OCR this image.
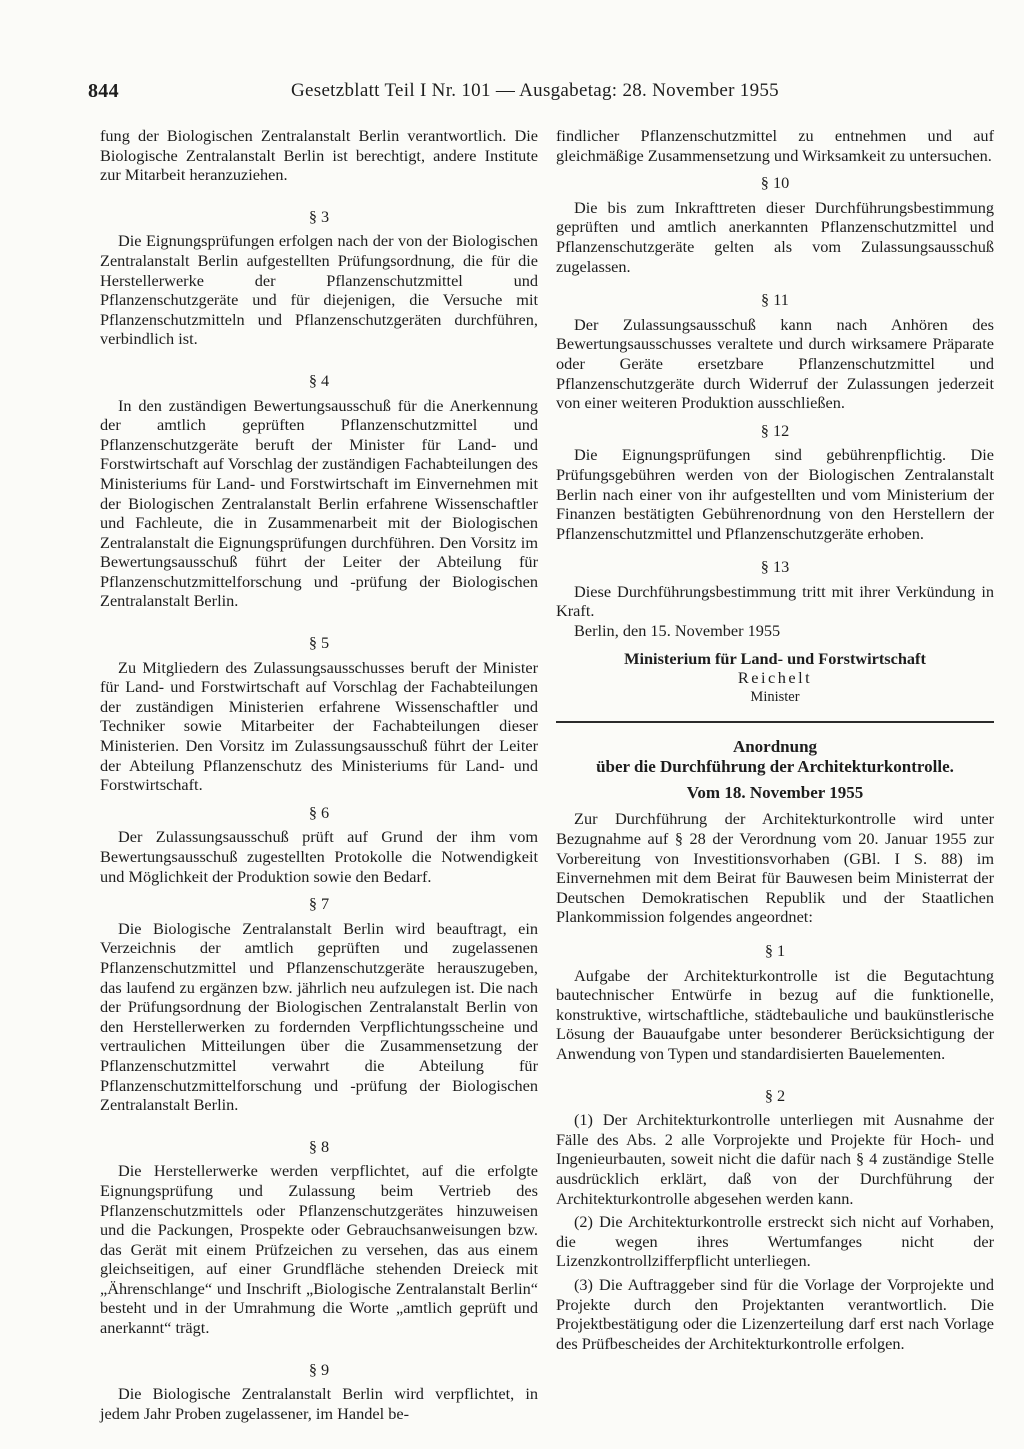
844	Gesetzblatt Teil I Nr. 101 — Ausgabetag: 28. November 1955

fung der Biologischen Zentralanstalt Berlin verantwortlich. Die Biologische Zentralanstalt Berlin ist berechtigt, andere Institute zur Mitarbeit heranzuziehen.

§ 3

Die Eignungsprüfungen erfolgen nach der von der Biologischen Zentralanstalt Berlin aufgestellten Prüfungsordnung, die für die Herstellerwerke der Pflanzenschutzmittel und Pflanzenschutzgeräte und für diejenigen, die Versuche mit Pflanzenschutzmitteln und Pflanzenschutzgeräten durchführen, verbindlich ist.

§ 4

In den zuständigen Bewertungsausschuß für die Anerkennung der amtlich geprüften Pflanzenschutzmittel und Pflanzenschutzgeräte beruft der Minister für Land- und Forstwirtschaft auf Vorschlag der zuständigen Fachabteilungen des Ministeriums für Land- und Forstwirtschaft im Einvernehmen mit der Biologischen Zentralanstalt Berlin erfahrene Wissenschaftler und Fachleute, die in Zusammenarbeit mit der Biologischen Zentralanstalt die Eignungsprüfungen durchführen. Den Vorsitz im Bewertungsausschuß führt der Leiter der Abteilung für Pflanzenschutzmittelforschung und -prüfung der Biologischen Zentralanstalt Berlin.

§ 5

Zu Mitgliedern des Zulassungsausschusses beruft der Minister für Land- und Forstwirtschaft auf Vorschlag der Fachabteilungen der zuständigen Ministerien erfahrene Wissenschaftler und Techniker sowie Mitarbeiter der Fachabteilungen dieser Ministerien. Den Vorsitz im Zulassungsausschuß führt der Leiter der Abteilung Pflanzenschutz des Ministeriums für Land- und Forstwirtschaft.

§ 6

Der Zulassungsausschuß prüft auf Grund der ihm vom Bewertungsausschuß zugestellten Protokolle die Notwendigkeit und Möglichkeit der Produktion sowie den Bedarf.

§ 7

Die Biologische Zentralanstalt Berlin wird beauftragt, ein Verzeichnis der amtlich geprüften und zugelassenen Pflanzenschutzmittel und Pflanzenschutzgeräte herauszugeben, das laufend zu ergänzen bzw. jährlich neu aufzulegen ist. Die nach der Prüfungsordnung der Biologischen Zentralanstalt Berlin von den Herstellerwerken zu fordernden Verpflichtungsscheine und vertraulichen Mitteilungen über die Zusammensetzung der Pflanzenschutzmittel verwahrt die Abteilung für Pflanzenschutzmittelforschung und -prüfung der Biologischen Zentralanstalt Berlin.

§ 8

Die Herstellerwerke werden verpflichtet, auf die erfolgte Eignungsprüfung und Zulassung beim Vertrieb des Pflanzenschutzmittels oder Pflanzenschutzgerätes hinzuweisen und die Packungen, Prospekte oder Gebrauchsanweisungen bzw. das Gerät mit einem Prüfzeichen zu versehen, das aus einem gleichseitigen, auf einer Grundfläche stehenden Dreieck mit „Ährenschlange“ und Inschrift „Biologische Zentralanstalt Berlin“ besteht und in der Umrahmung die Worte „amtlich geprüft und anerkannt“ trägt.

§ 9

Die Biologische Zentralanstalt Berlin wird verpflichtet, in jedem Jahr Proben zugelassener, im Handel be-

findlicher Pflanzenschutzmittel zu entnehmen und auf gleichmäßige Zusammensetzung und Wirksamkeit zu untersuchen.

§ 10

Die bis zum Inkrafttreten dieser Durchführungsbestimmung geprüften und amtlich anerkannten Pflanzenschutzmittel und Pflanzenschutzgeräte gelten als vom Zulassungsausschuß zugelassen.

§ 11

Der Zulassungsausschuß kann nach Anhören des Bewertungsausschusses veraltete und durch wirksamere Präparate oder Geräte ersetzbare Pflanzenschutzmittel und Pflanzenschutzgeräte durch Widerruf der Zulassungen jederzeit von einer weiteren Produktion ausschließen.

§ 12

Die Eignungsprüfungen sind gebührenpflichtig. Die Prüfungsgebühren werden von der Biologischen Zentralanstalt Berlin nach einer von ihr aufgestellten und vom Ministerium der Finanzen bestätigten Gebührenordnung von den Herstellern der Pflanzenschutzmittel und Pflanzenschutzgeräte erhoben.

§ 13

Diese Durchführungsbestimmung tritt mit ihrer Verkündung in Kraft.

Berlin, den 15. November 1955

Ministerium für Land- und Forstwirtschaft
Reichelt
Minister
Anordnung
über die Durchführung der Architekturkontrolle.
Vom 18. November 1955

Zur Durchführung der Architekturkontrolle wird unter Bezugnahme auf § 28 der Verordnung vom 20. Januar 1955 zur Vorbereitung von Investitionsvorhaben (GBl. I S. 88) im Einvernehmen mit dem Beirat für Bauwesen beim Ministerrat der Deutschen Demokratischen Republik und der Staatlichen Plankommission folgendes angeordnet:

§ 1

Aufgabe der Architekturkontrolle ist die Begutachtung bautechnischer Entwürfe in bezug auf die funktionelle, konstruktive, wirtschaftliche, städtebauliche und baukünstlerische Lösung der Bauaufgabe unter besonderer Berücksichtigung der Anwendung von Typen und standardisierten Bauelementen.

§ 2

(1) Der Architekturkontrolle unterliegen mit Ausnahme der Fälle des Abs. 2 alle Vorprojekte und Projekte für Hoch- und Ingenieurbauten, soweit nicht die dafür nach § 4 zuständige Stelle ausdrücklich erklärt, daß von der Durchführung der Architekturkontrolle abgesehen werden kann.

(2) Die Architekturkontrolle erstreckt sich nicht auf Vorhaben, die wegen ihres Wertumfanges nicht der Lizenzkontrollzifferpflicht unterliegen.

(3) Die Auftraggeber sind für die Vorlage der Vorprojekte und Projekte durch den Projektanten verantwortlich. Die Projektbestätigung oder die Lizenzerteilung darf erst nach Vorlage des Prüfbescheides der Architekturkontrolle erfolgen.
